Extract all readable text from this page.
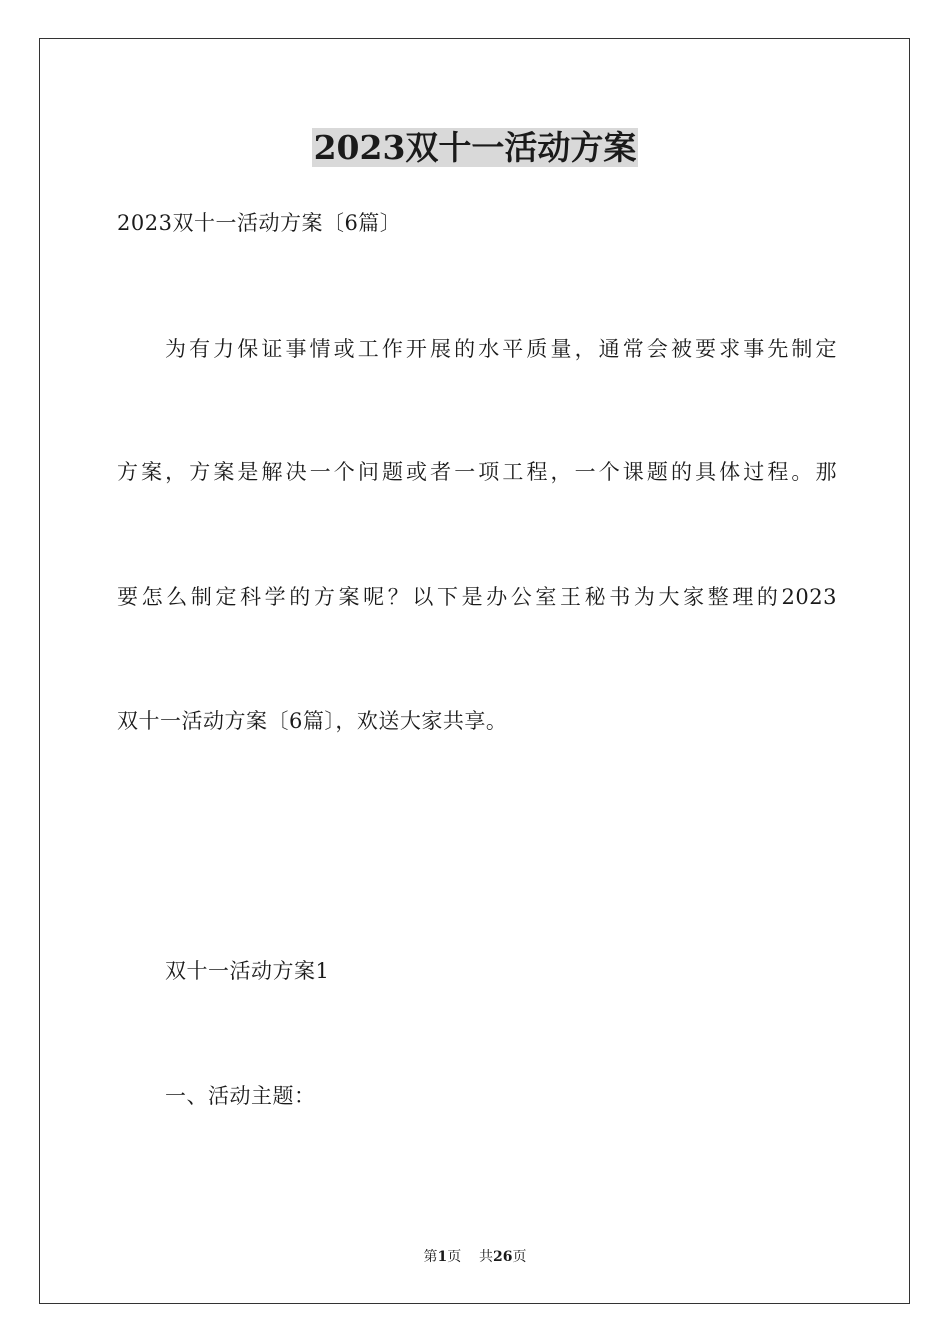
2023双十一活动方案
2023双十一活动方案〔6篇〕
为有力保证事情或工作开展的水平质量，通常会被要求事先制定
方案，方案是解决一个问题或者一项工程，一个课题的具体过程。那
要怎么制定科学的方案呢？以下是办公室王秘书为大家整理的2023
双十一活动方案〔6篇〕，欢送大家共享。
双十一活动方案1
一、活动主题：
第1页 共26页
